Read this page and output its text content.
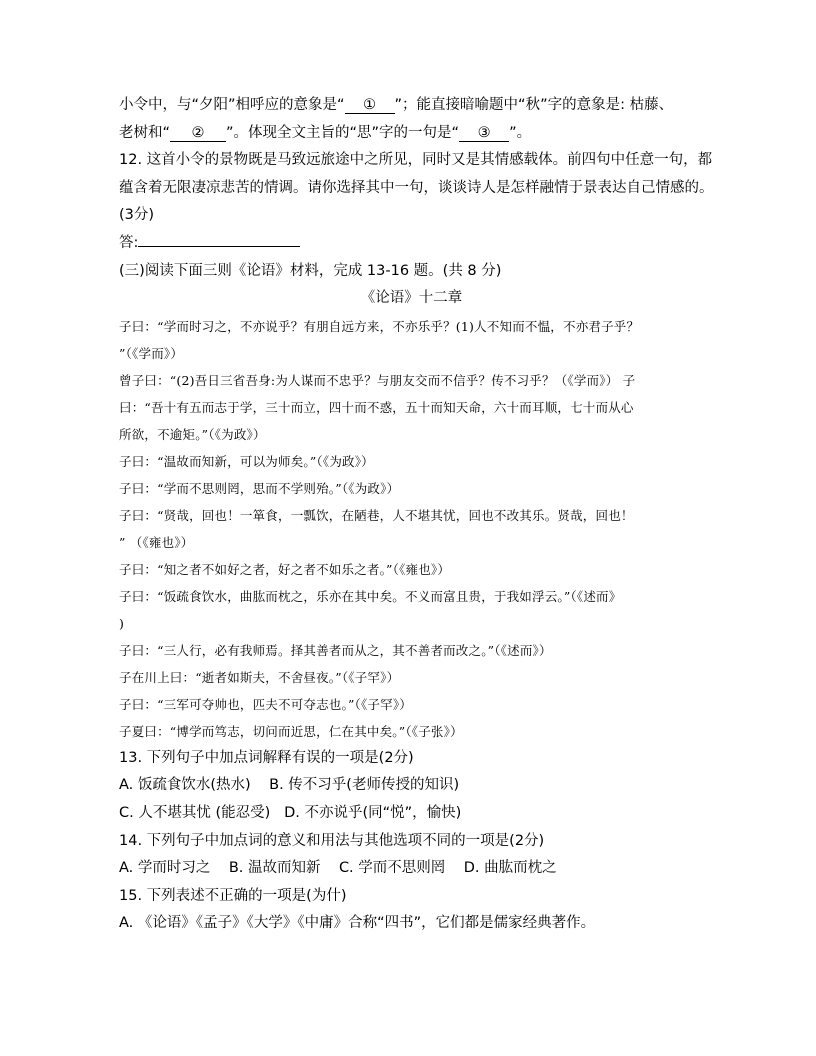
小令中，与“夕阳”相呼应的意象是“ ① ”；能直接暗喻题中“秋”字的意象是: 枯藤、
老树和“ ② ”。体现全文主旨的“思”字的一句是“ ③ ”。
12. 这首小令的景物既是马致远旅途中之所见，同时又是其情感载体。前四句中任意一句，都
蕴含着无限凄凉悲苦的情调。请你选择其中一句，谈谈诗人是怎样融情于景表达自己情感的。
(3分)
答:
(三)阅读下面三则《论语》材料，完成 13-16 题。(共 8 分)
《论语》十二章
子曰：“学而时习之，不亦说乎？有朋自远方来，不亦乐乎？(1)人不知而不愠，不亦君子乎？
”（《学而》）
曾子曰：“(2)吾日三省吾身:为人谋而不忠乎？与朋友交而不信乎？传不习乎？（《学而》） 子
曰：“吾十有五而志于学，三十而立，四十而不惑，五十而知天命，六十而耳顺，七十而从心
所欲，不逾矩。”（《为政》）
子曰：“温故而知新，可以为师矣。”（《为政》）
子曰：“学而不思则罔，思而不学则殆。”（《为政》）
子曰：“贤哉，回也！一箪食，一瓢饮，在陋巷，人不堪其忧，回也不改其乐。贤哉，回也！
” （《雍也》）
子曰：“知之者不如好之者，好之者不如乐之者。”（《雍也》）
子曰：“饭疏食饮水，曲肱而枕之，乐亦在其中矣。不义而富且贵，于我如浮云。”（《述而》
)
子曰：“三人行，必有我师焉。择其善者而从之，其不善者而改之。”（《述而》）
子在川上曰：“逝者如斯夫，不舍昼夜。”（《子罕》）
子曰：“三军可夺帅也，匹夫不可夺志也。”（《子罕》）
子夏曰：“博学而笃志，切问而近思，仁在其中矣。”（《子张》）
13. 下列句子中加点词解释有误的一项是(2分)
A. 饭疏食饮水(热水) B. 传不习乎(老师传授的知识)
C. 人不堪其忧 (能忍受) D. 不亦说乎(同“悦”，愉快)
14. 下列句子中加点词的意义和用法与其他选项不同的一项是(2分)
A. 学而时习之 B. 温故而知新 C. 学而不思则罔 D. 曲肱而枕之
15. 下列表述不正确的一项是(为什)
A. 《论语》《孟子》《大学》《中庸》合称“四书”，它们都是儒家经典著作。
